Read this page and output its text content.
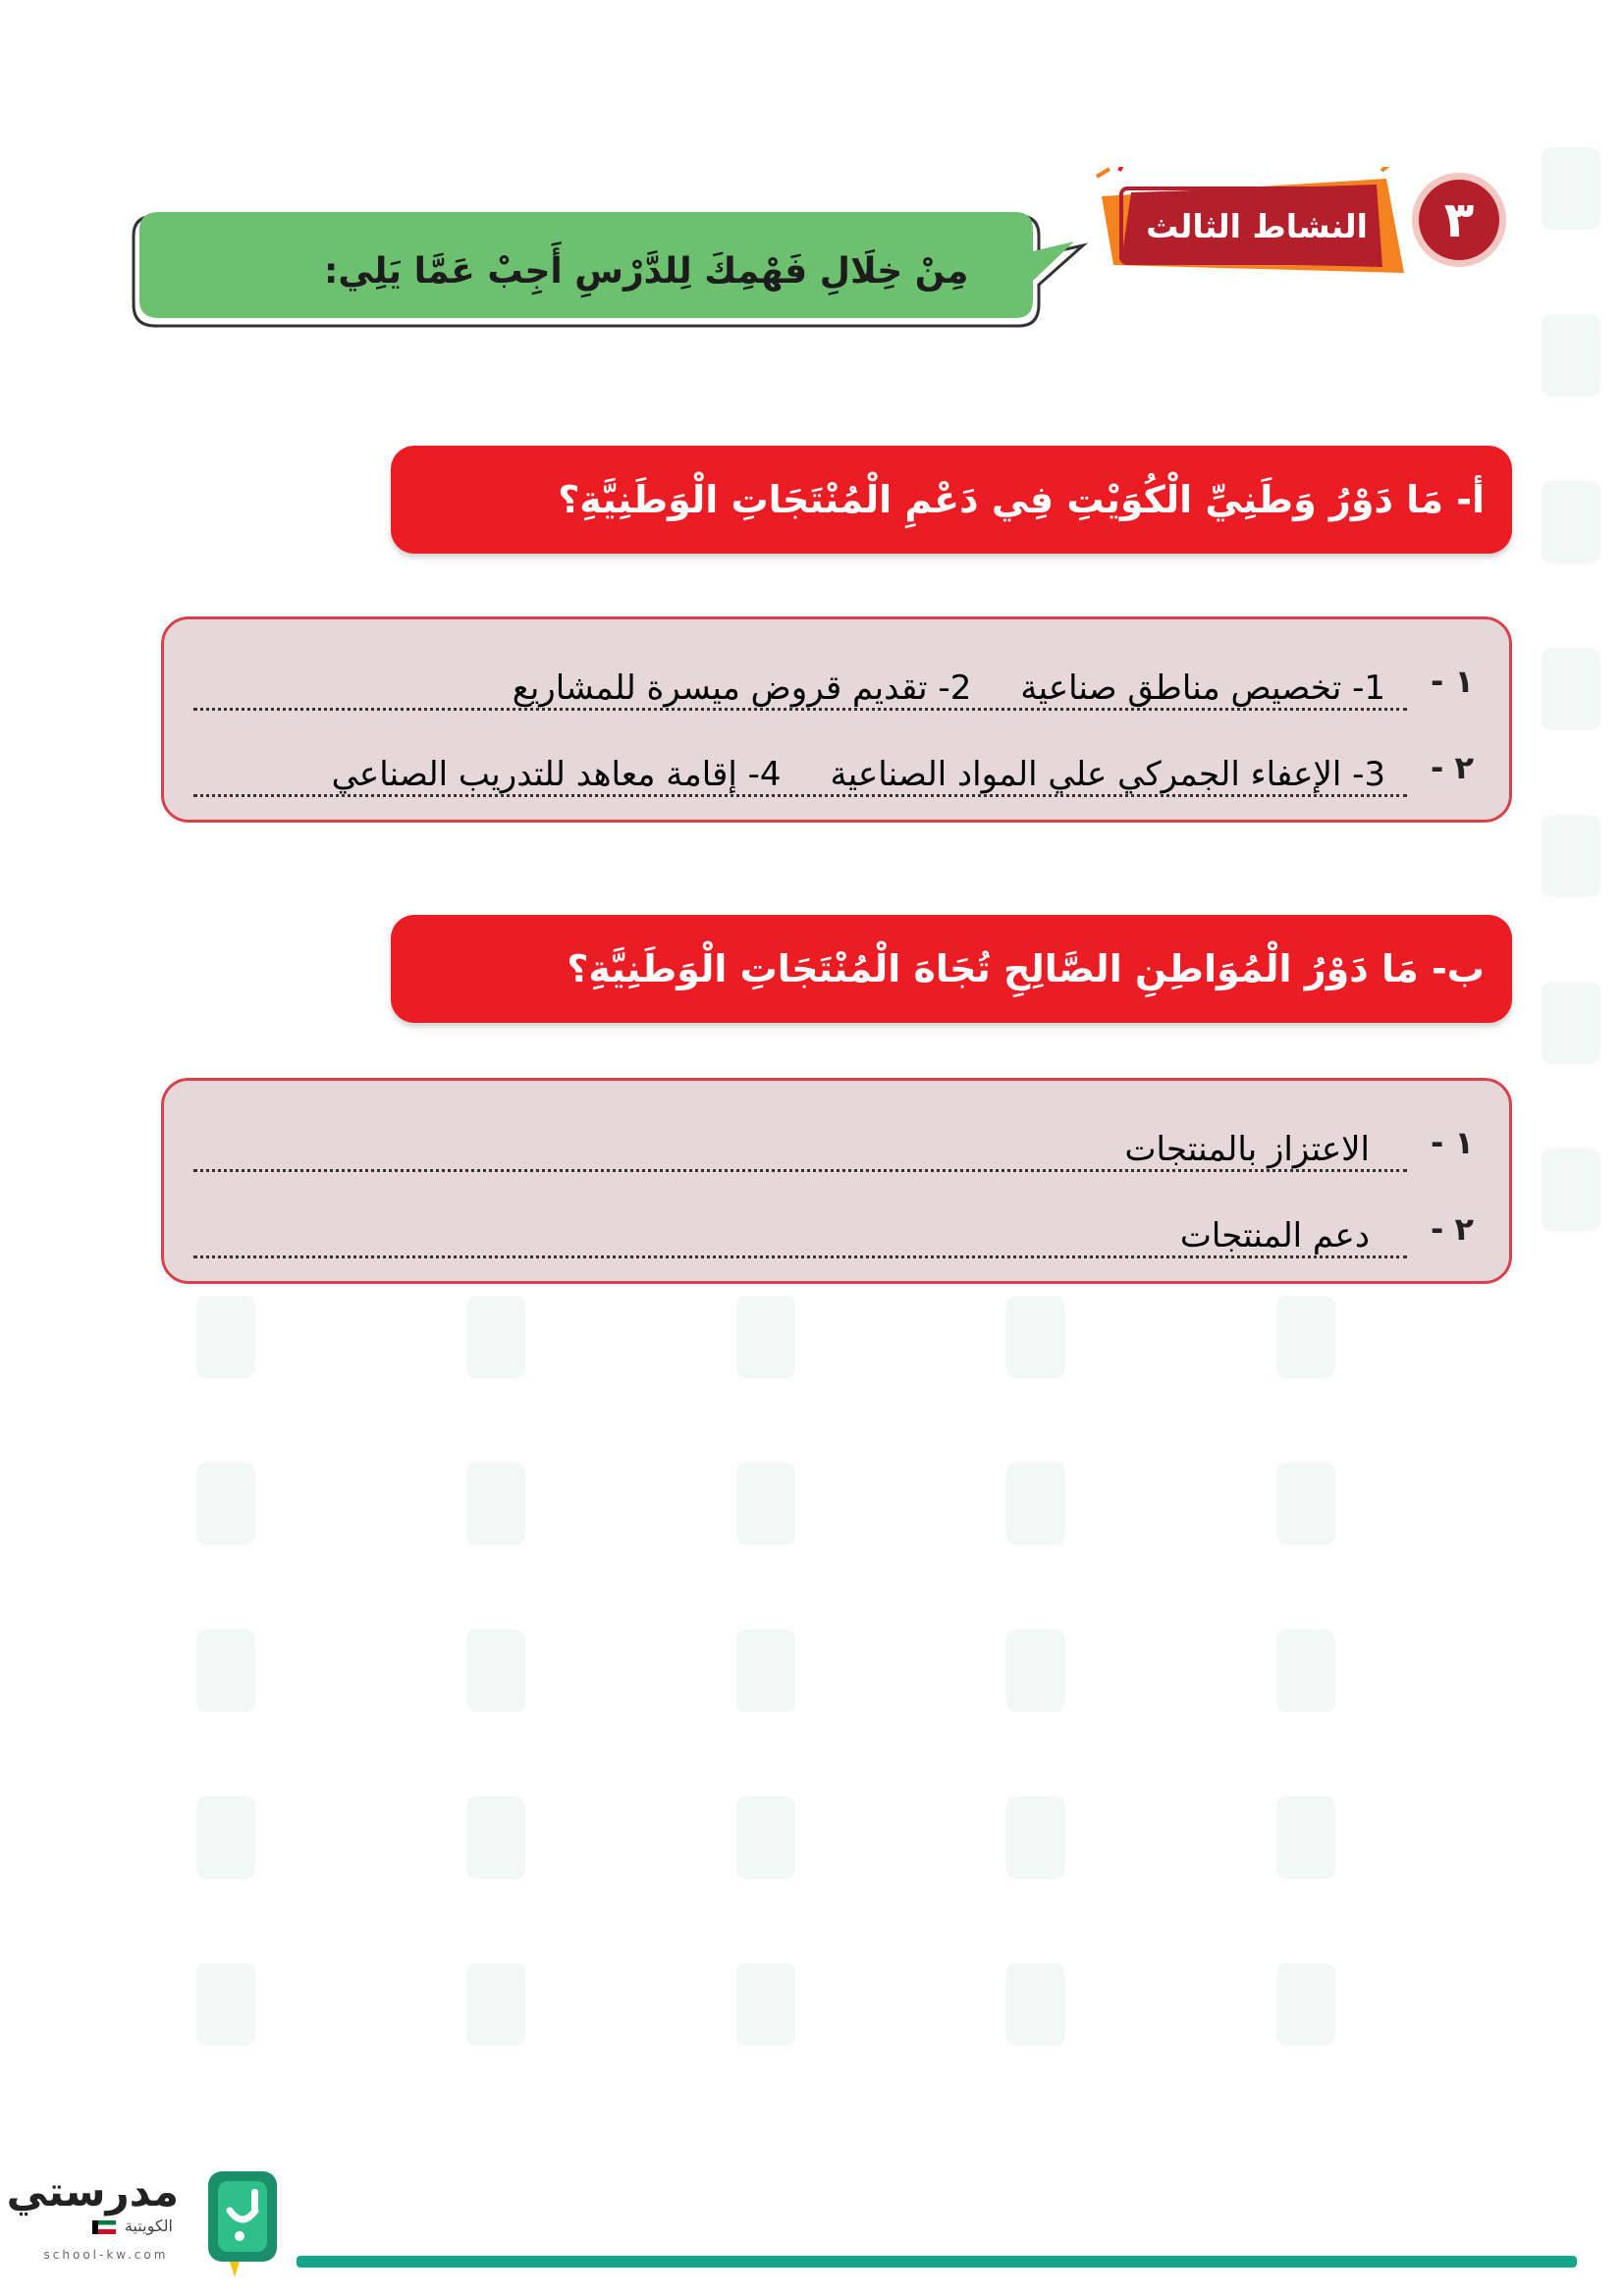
٣
النشاط الثالث
مِنْ خِلَالِ فَهْمِكَ لِلدَّرْسِ أَجِبْ عَمَّا يَلِي:
أ- مَا دَوْرُ وَطَنِيِّ الْكُوَيْتِ فِي دَعْمِ الْمُنْتَجَاتِ الْوَطَنِيَّةِ؟
١ -
1- تخصيص مناطق صناعية
2- تقديم قروض ميسرة للمشاريع
٢ -
3- الإعفاء الجمركي علي المواد الصناعية
4- إقامة معاهد للتدريب الصناعي
ب- مَا دَوْرُ الْمُوَاطِنِ الصَّالِحِ تُجَاهَ الْمُنْتَجَاتِ الْوَطَنِيَّةِ؟
١ -
الاعتزاز بالمنتجات
٢ -
دعم المنتجات
مدرستي
الكويتية
school-kw.com
